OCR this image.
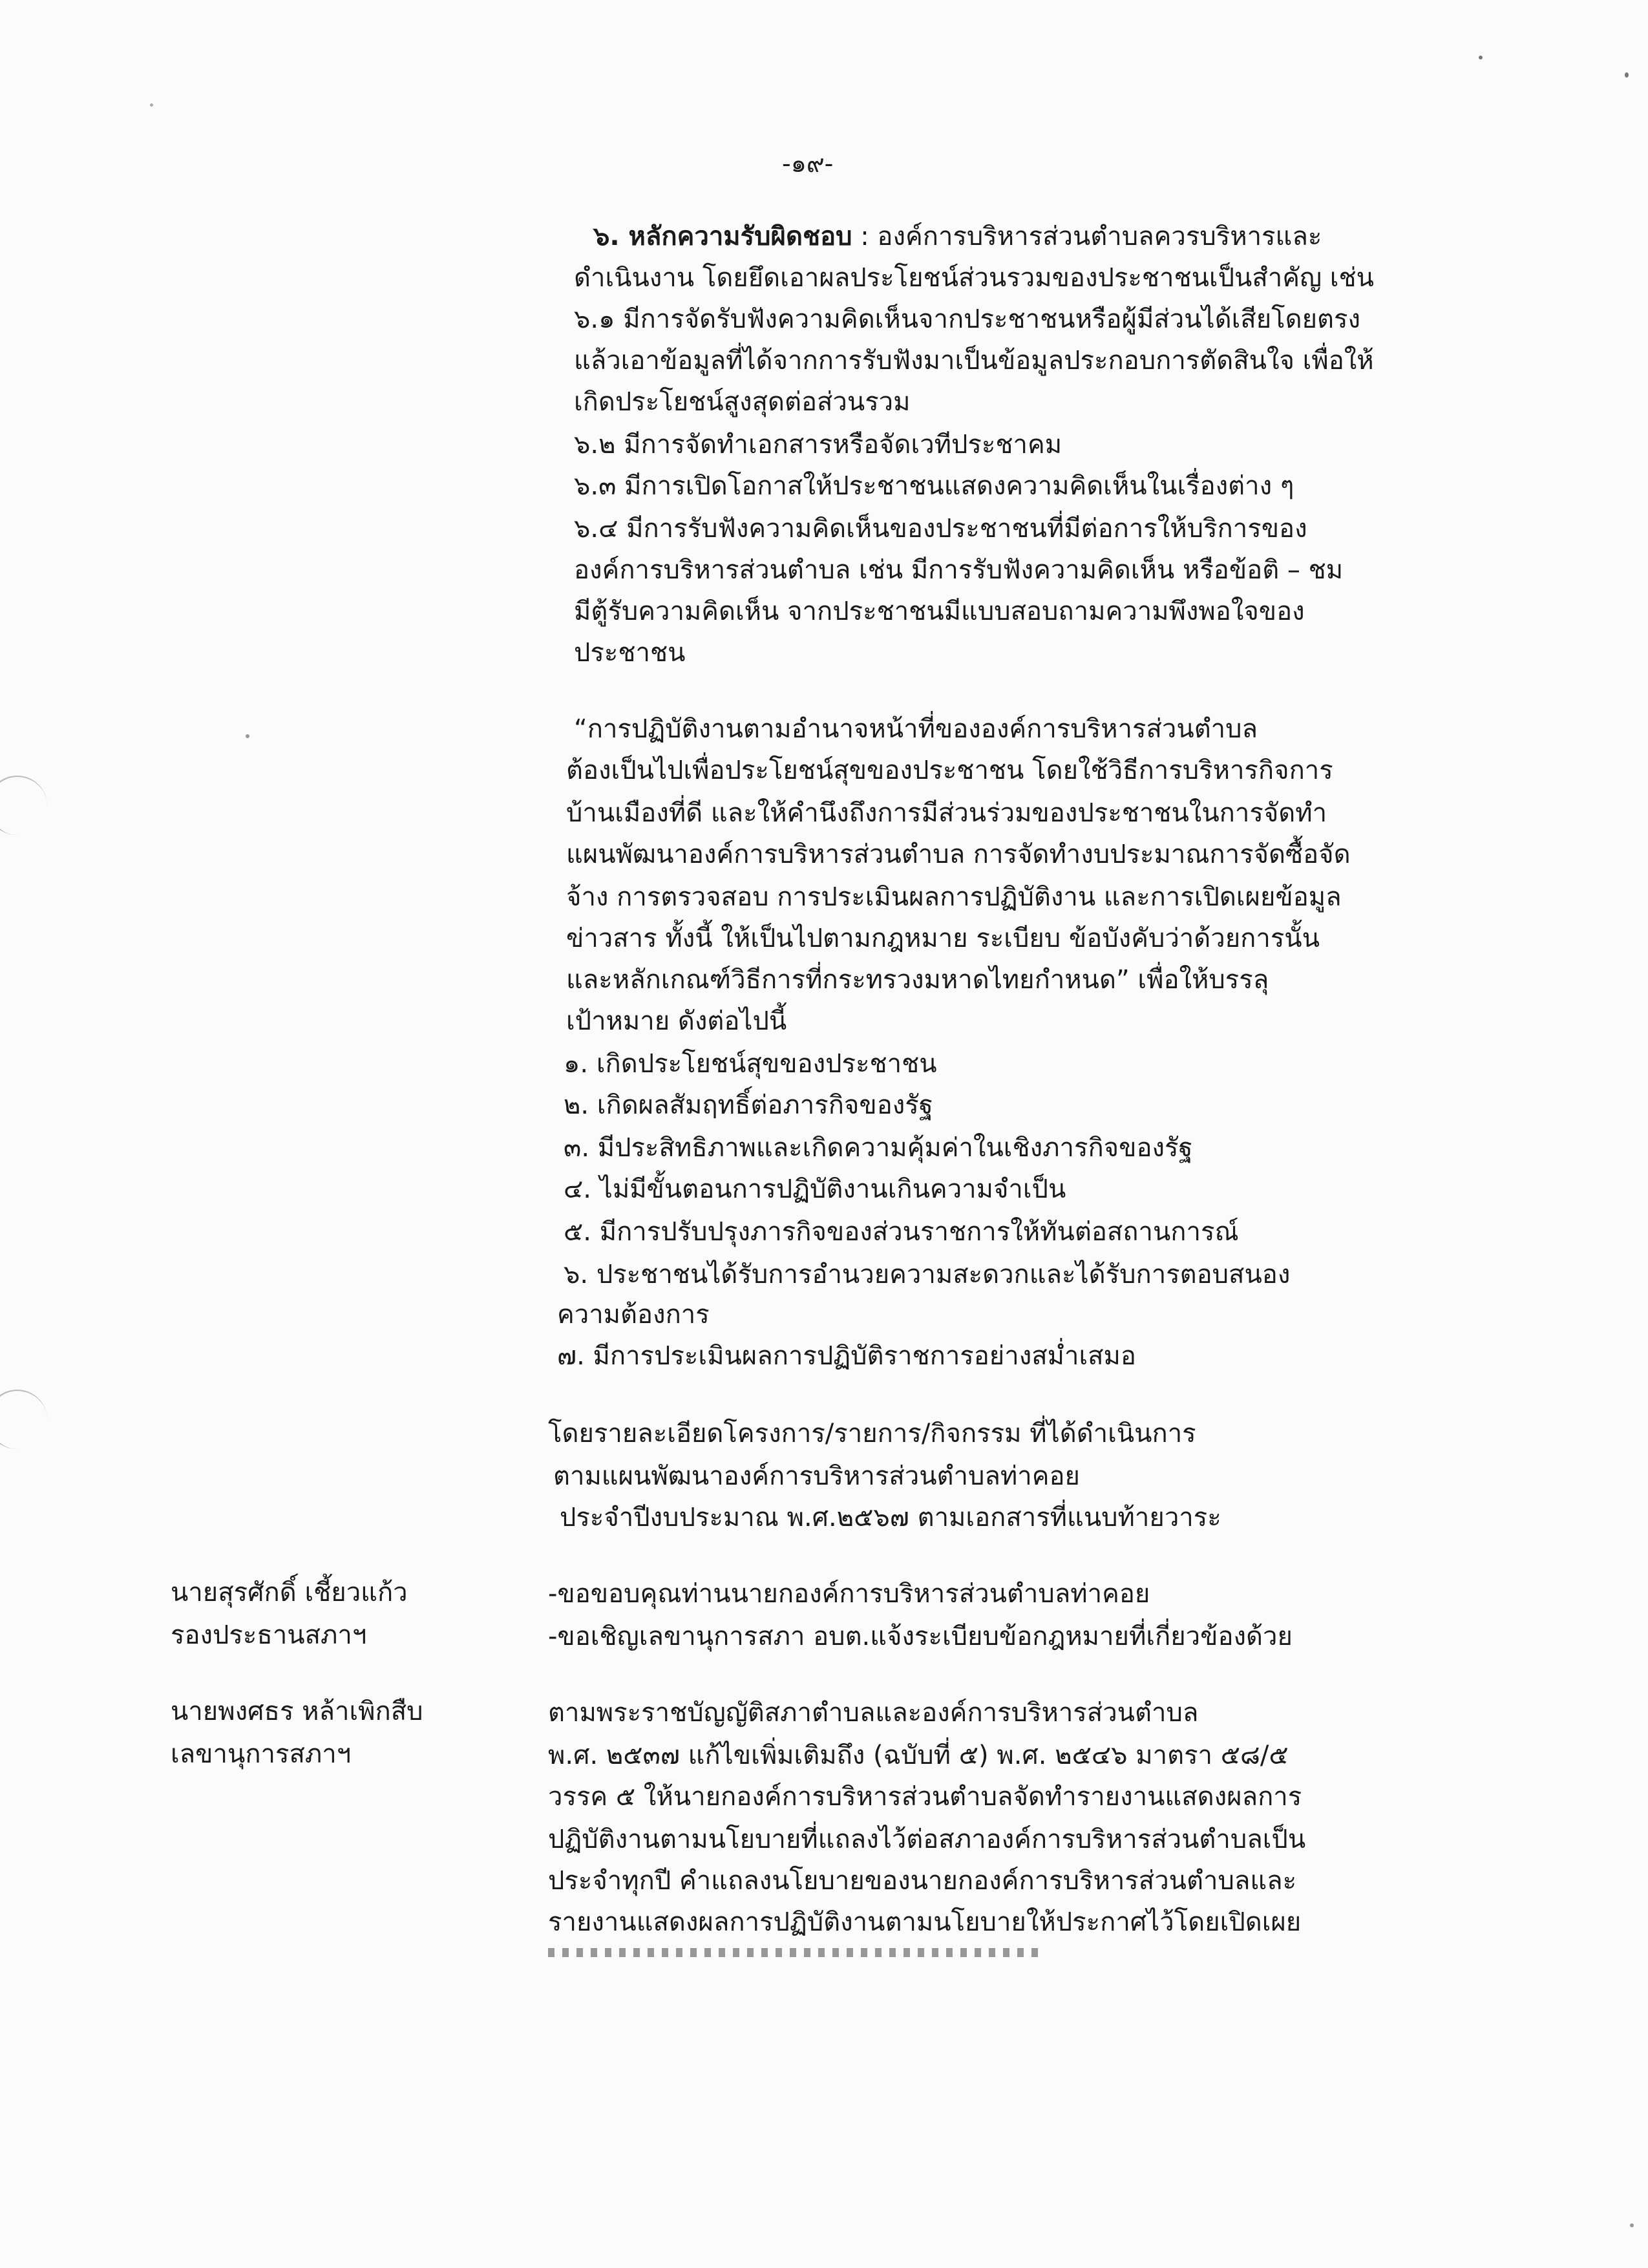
-๑๙-
๖. หลักความรับผิดชอบ : องค์การบริหารส่วนตำบลควรบริหารและ
ดำเนินงาน โดยยึดเอาผลประโยชน์ส่วนรวมของประชาชนเป็นสำคัญ เช่น
๖.๑ มีการจัดรับฟังความคิดเห็นจากประชาชนหรือผู้มีส่วนได้เสียโดยตรง
แล้วเอาข้อมูลที่ได้จากการรับฟังมาเป็นข้อมูลประกอบการตัดสินใจ เพื่อให้
เกิดประโยชน์สูงสุดต่อส่วนรวม
๖.๒ มีการจัดทำเอกสารหรือจัดเวทีประชาคม
๖.๓ มีการเปิดโอกาสให้ประชาชนแสดงความคิดเห็นในเรื่องต่าง ๆ
๖.๔ มีการรับฟังความคิดเห็นของประชาชนที่มีต่อการให้บริการของ
องค์การบริหารส่วนตำบล เช่น มีการรับฟังความคิดเห็น หรือข้อติ – ชม
มีตู้รับความคิดเห็น จากประชาชนมีแบบสอบถามความพึงพอใจของ
ประชาชน
“การปฏิบัติงานตามอำนาจหน้าที่ขององค์การบริหารส่วนตำบล
ต้องเป็นไปเพื่อประโยชน์สุขของประชาชน โดยใช้วิธีการบริหารกิจการ
บ้านเมืองที่ดี และให้คำนึงถึงการมีส่วนร่วมของประชาชนในการจัดทำ
แผนพัฒนาองค์การบริหารส่วนตำบล การจัดทำงบประมาณการจัดซื้อจัด
จ้าง การตรวจสอบ การประเมินผลการปฏิบัติงาน และการเปิดเผยข้อมูล
ข่าวสาร ทั้งนี้ ให้เป็นไปตามกฎหมาย ระเบียบ ข้อบังคับว่าด้วยการนั้น
และหลักเกณฑ์วิธีการที่กระทรวงมหาดไทยกำหนด” เพื่อให้บรรลุ
เป้าหมาย ดังต่อไปนี้
๑. เกิดประโยชน์สุขของประชาชน
๒. เกิดผลสัมฤทธิ์ต่อภารกิจของรัฐ
๓. มีประสิทธิภาพและเกิดความคุ้มค่าในเชิงภารกิจของรัฐ
๔. ไม่มีขั้นตอนการปฏิบัติงานเกินความจำเป็น
๕. มีการปรับปรุงภารกิจของส่วนราชการให้ทันต่อสถานการณ์
๖. ประชาชนได้รับการอำนวยความสะดวกและได้รับการตอบสนอง
ความต้องการ
๗. มีการประเมินผลการปฏิบัติราชการอย่างสม่ำเสมอ
โดยรายละเอียดโครงการ/รายการ/กิจกรรม ที่ได้ดำเนินการ
ตามแผนพัฒนาองค์การบริหารส่วนตำบลท่าคอย
ประจำปีงบประมาณ พ.ศ.๒๕๖๗ ตามเอกสารที่แนบท้ายวาระ
นายสุรศักดิ์ เชี้ยวแก้ว
รองประธานสภาฯ
-ขอขอบคุณท่านนายกองค์การบริหารส่วนตำบลท่าคอย
-ขอเชิญเลขานุการสภา อบต.แจ้งระเบียบข้อกฎหมายที่เกี่ยวข้องด้วย
นายพงศธร หล้าเพิกสืบ
เลขานุการสภาฯ
ตามพระราชบัญญัติสภาตำบลและองค์การบริหารส่วนตำบล
พ.ศ. ๒๕๓๗ แก้ไขเพิ่มเติมถึง (ฉบับที่ ๕) พ.ศ. ๒๕๔๖ มาตรา ๕๘/๕
วรรค ๕ ให้นายกองค์การบริหารส่วนตำบลจัดทำรายงานแสดงผลการ
ปฏิบัติงานตามนโยบายที่แถลงไว้ต่อสภาองค์การบริหารส่วนตำบลเป็น
ประจำทุกปี คำแถลงนโยบายของนายกองค์การบริหารส่วนตำบลและ
รายงานแสดงผลการปฏิบัติงานตามนโยบายให้ประกาศไว้โดยเปิดเผย
